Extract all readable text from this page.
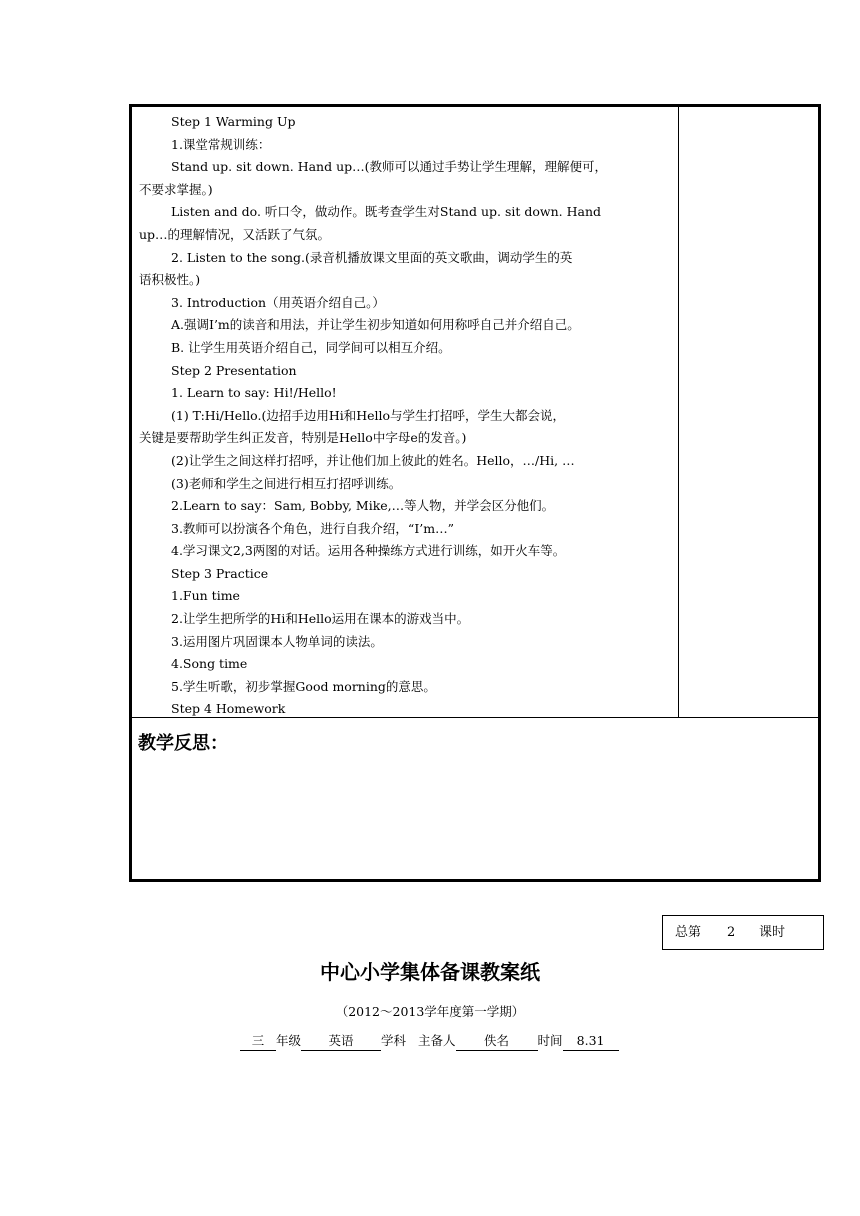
Step 1 Warming Up
1.课堂常规训练：
Stand up. sit down. Hand up…(教师可以通过手势让学生理解，理解便可，
不要求掌握。)
Listen and do. 听口令，做动作。既考查学生对Stand up. sit down. Hand
up…的理解情况，又活跃了气氛。
2. Listen to the song.(录音机播放课文里面的英文歌曲，调动学生的英
语积极性。)
3. Introduction（用英语介绍自己。）
A.强调I’m的读音和用法，并让学生初步知道如何用称呼自己并介绍自己。
B. 让学生用英语介绍自己，同学间可以相互介绍。
Step 2 Presentation
1. Learn to say: Hi!/Hello!
(1) T:Hi/Hello.(边招手边用Hi和Hello与学生打招呼，学生大都会说，
关键是要帮助学生纠正发音，特别是Hello中字母e的发音。)
(2)让学生之间这样打招呼，并让他们加上彼此的姓名。Hello，…/Hi, …
(3)老师和学生之间进行相互打招呼训练。
2.Learn to say：Sam, Bobby, Mike,…等人物，并学会区分他们。
3.教师可以扮演各个角色，进行自我介绍，“I’m…”
4.学习课文2,3两图的对话。运用各种操练方式进行训练，如开火车等。
Step 3 Practice
1.Fun time
2.让学生把所学的Hi和Hello运用在课本的游戏当中。
3.运用图片巩固课本人物单词的读法。
4.Song time
5.学生听歌，初步掌握Good morning的意思。
Step 4 Homework
教学反思：
总第 2 课时
中心小学集体备课教案纸
（2012～2013学年度第一学期）
三 年级 英语 学科 主备人 佚名 时间 8.31
